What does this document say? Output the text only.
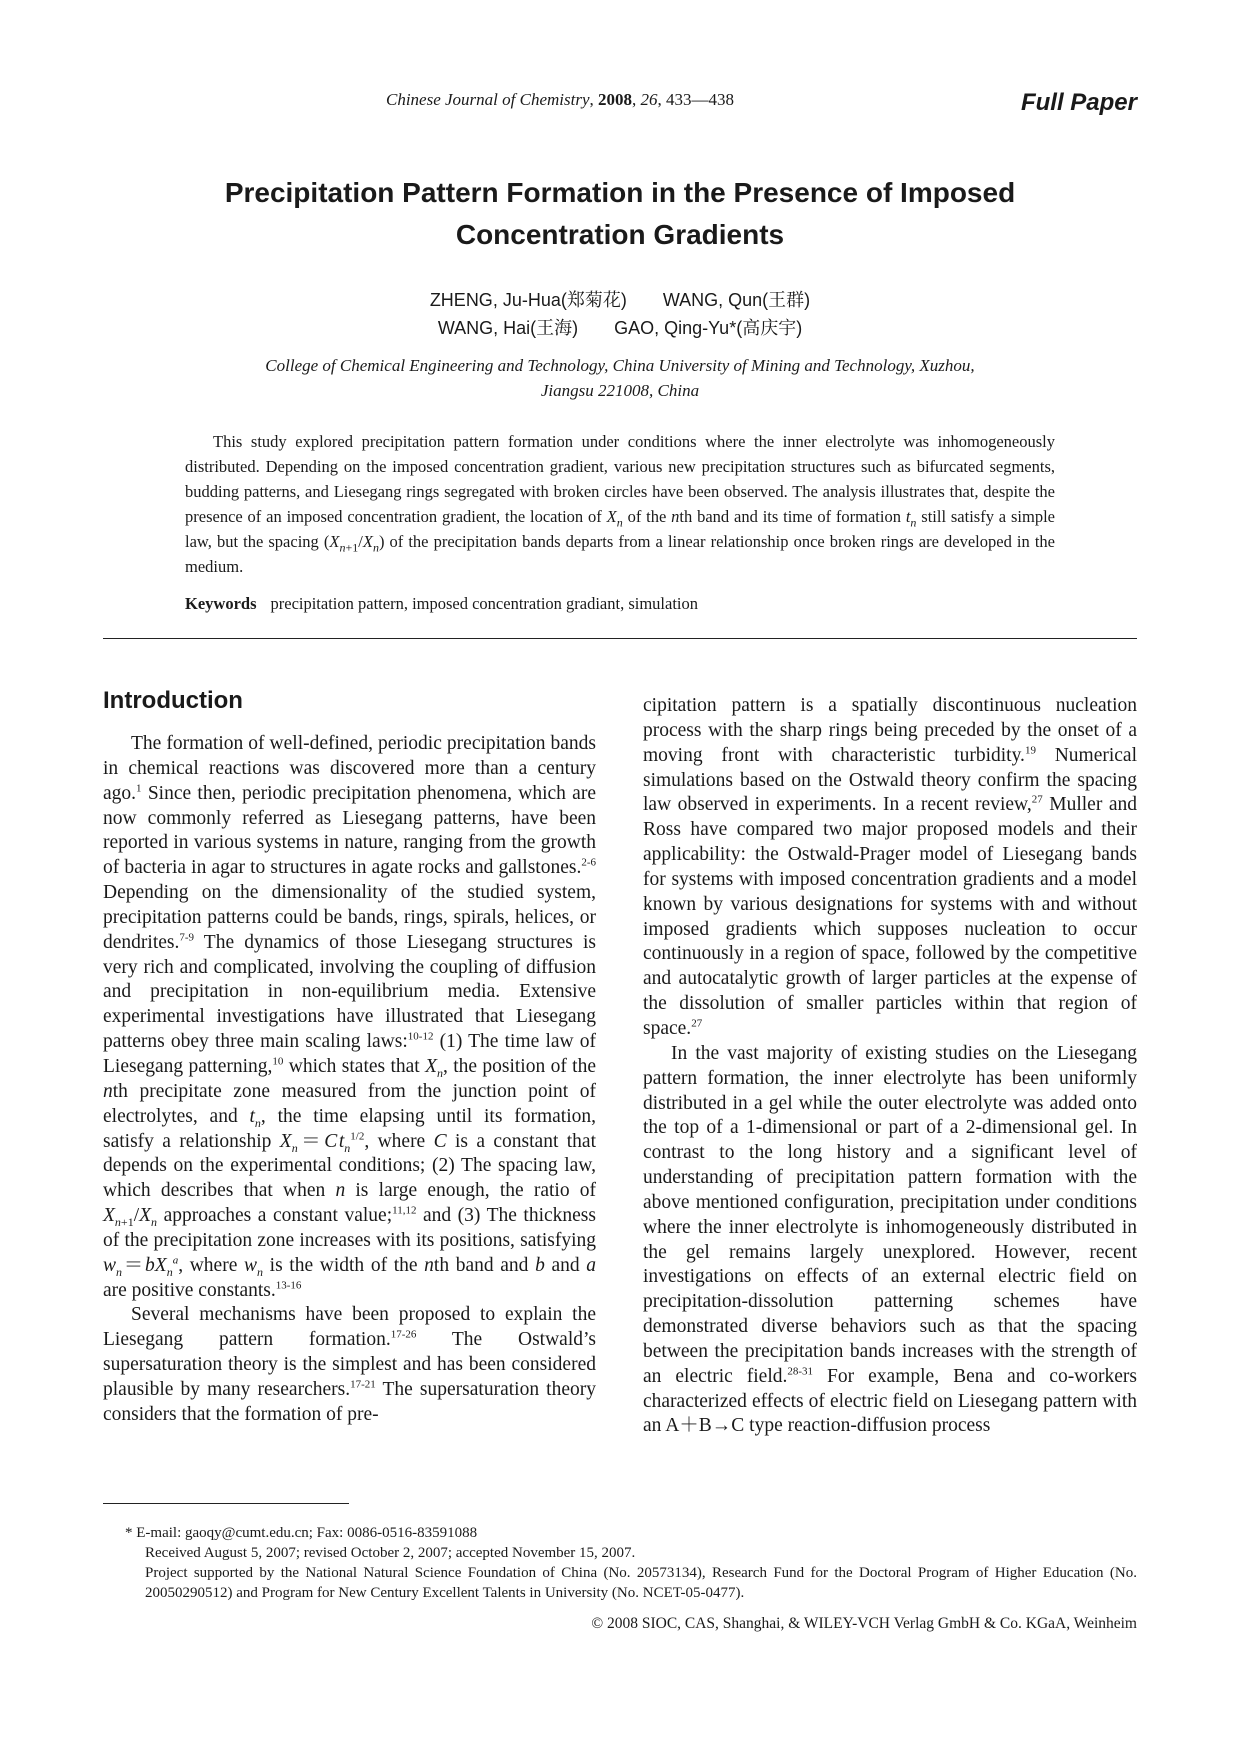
Chinese Journal of Chemistry, 2008, 26, 433—438	Full Paper
Precipitation Pattern Formation in the Presence of Imposed
Concentration Gradients
ZHENG, Ju-Hua(郑菊花) WANG, Qun(王群)
WANG, Hai(王海) GAO, Qing-Yu*(高庆宇)
College of Chemical Engineering and Technology, China University of Mining and Technology, Xuzhou,
Jiangsu 221008, China
This study explored precipitation pattern formation under conditions where the inner electrolyte was inhomogeneously distributed. Depending on the imposed concentration gradient, various new precipitation structures such as bifurcated segments, budding patterns, and Liesegang rings segregated with broken circles have been observed. The analysis illustrates that, despite the presence of an imposed concentration gradient, the location of $X_n$ of the nth band and its time of formation $t_n$ still satisfy a simple law, but the spacing $(X_{n+1}/X_n)$ of the precipitation bands departs from a linear relationship once broken rings are developed in the medium.
Keywords precipitation pattern, imposed concentration gradiant, simulation
Introduction

The formation of well-defined, periodic precipitation bands in chemical reactions was discovered more than a century ago.$^1$ Since then, periodic precipitation phenomena, which are now commonly referred as Liesegang patterns, have been reported in various systems in nature, ranging from the growth of bacteria in agar to structures in agate rocks and gallstones.$^{2-6}$ Depending on the dimensionality of the studied system, precipitation patterns could be bands, rings, spirals, helices, or dendrites.$^{7-9}$ The dynamics of those Liesegang structures is very rich and complicated, involving the coupling of diffusion and precipitation in non-equilibrium media. Extensive experimental investigations have illustrated that Liesegang patterns obey three main scaling laws:$^{10-12}$ (1) The time law of Liesegang patterning,$^{10}$ which states that $X_n$, the position of the nth precipitate zone measured from the junction point of electrolytes, and $t_n$, the time elapsing until its formation, satisfy a relationship $X_n=C$ $t_n^{1/2}$, where C is a constant that depends on the experimental conditions; (2) The spacing law, which describes that when n is large enough, the ratio of $X_{n+1}/X_n$ approaches a constant value;$^{11,12}$ and (3) The thickness of the precipitation zone increases with its positions, satisfying $w_n=bX_n^a$, where $w_n$ is the width of the nth band and b and a are positive constants.$^{13-16}$

Several mechanisms have been proposed to explain the Liesegang pattern formation.$^{17-26}$ The Ostwald’s supersaturation theory is the simplest and has been considered plausible by many researchers.$^{17-21}$ The supersaturation theory considers that the formation of pre-

cipitation pattern is a spatially discontinuous nucleation process with the sharp rings being preceded by the onset of a moving front with characteristic turbidity.$^{19}$ Numerical simulations based on the Ostwald theory confirm the spacing law observed in experiments. In a recent review,$^{27}$ Muller and Ross have compared two major proposed models and their applicability: the Ostwald-Prager model of Liesegang bands for systems with imposed concentration gradients and a model known by various designations for systems with and without imposed gradients which supposes nucleation to occur continuously in a region of space, followed by the competitive and autocatalytic growth of larger particles at the expense of the dissolution of smaller particles within that region of space.$^{27}$

In the vast majority of existing studies on the Liesegang pattern formation, the inner electrolyte has been uniformly distributed in a gel while the outer electrolyte was added onto the top of a 1-dimensional or part of a 2-dimensional gel. In contrast to the long history and a significant level of understanding of precipitation pattern formation with the above mentioned configuration, precipitation under conditions where the inner electrolyte is inhomogeneously distributed in the gel remains largely unexplored. However, recent investigations on effects of an external electric field on precipitation-dissolution patterning schemes have demonstrated diverse behaviors such as that the spacing between the precipitation bands increases with the strength of an electric field.$^{28-31}$ For example, Bena and co-workers characterized effects of electric field on Liesegang pattern with an A＋B→C type reaction-diffusion process

* E-mail: gaoqy@cumt.edu.cn; Fax: 0086-0516-83591088
Received August 5, 2007; revised October 2, 2007; accepted November 15, 2007.
Project supported by the National Natural Science Foundation of China (No. 20573134), Research Fund for the Doctoral Program of Higher Education (No. 20050290512) and Program for New Century Excellent Talents in University (No. NCET-05-0477).
© 2008 SIOC, CAS, Shanghai, & WILEY-VCH Verlag GmbH & Co. KGaA, Weinheim
